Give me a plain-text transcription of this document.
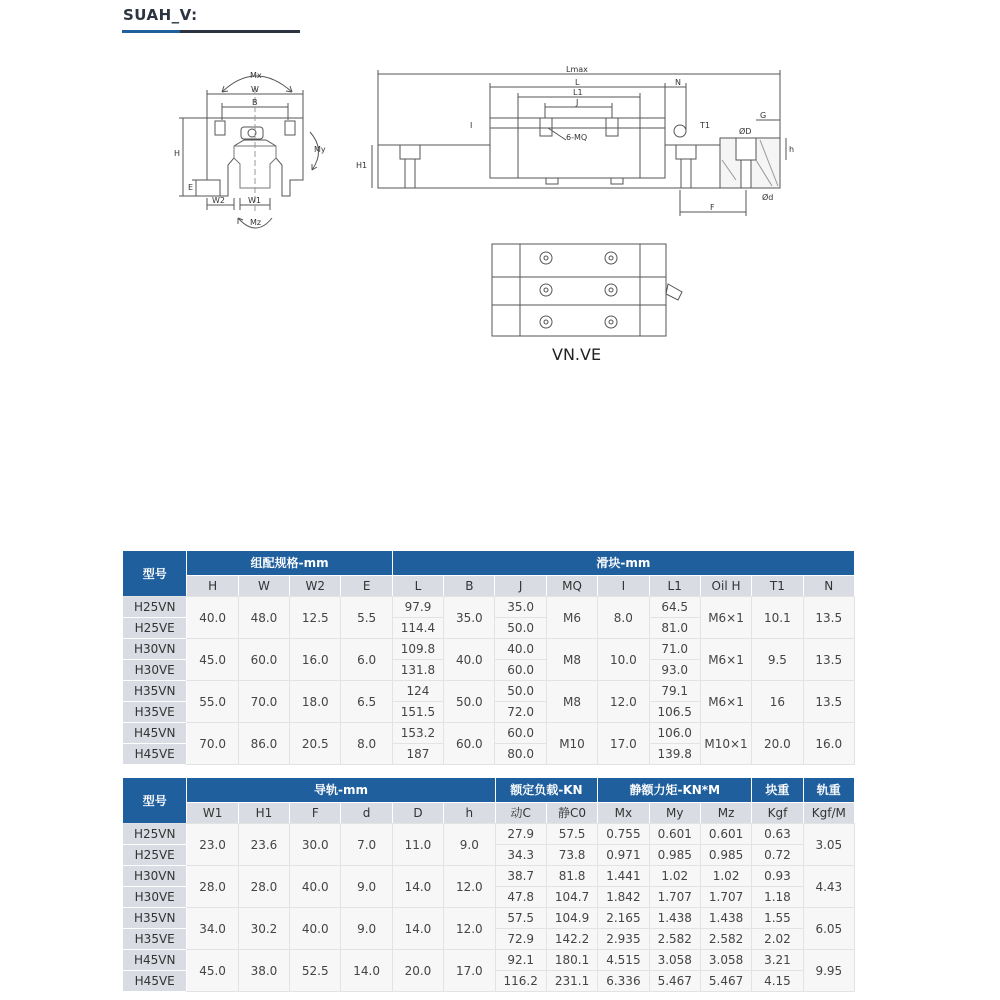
SUAH_V:
Mx
W
B
H
E
W2	W1
My
Mz
Lmax
L
L1
J
N
6-MQ
T1
I
H1
G
ØD
h
F
Ød
VN.VE
型号	组配规格-mm				滑块-mm								
	H	W	W2	E	L	B	J	MQ	I	L1	Oil H	T1	N
H25VN	40.0	48.0	12.5	5.5	97.9	35.0	35.0	M6	8.0	64.5	M6×1	10.1	13.5
H25VE					114.4		50.0			81.0			
H30VN	45.0	60.0	16.0	6.0	109.8	40.0	40.0	M8	10.0	71.0	M6×1	9.5	13.5
H30VE					131.8		60.0			93.0			
H35VN	55.0	70.0	18.0	6.5	124	50.0	50.0	M8	12.0	79.1	M6×1	16	13.5
H35VE					151.5		72.0			106.5			
H45VN	70.0	86.0	20.5	8.0	153.2	60.0	60.0	M10	17.0	106.0	M10×1	20.0	16.0
H45VE					187		80.0			139.8			
型号	导轨-mm						额定负载-KN		静额力矩-KN*M			块重	轨重
	W1	H1	F	d	D	h	动C	静C0	Mx	My	Mz	Kgf	Kgf/M
H25VN	23.0	23.6	30.0	7.0	11.0	9.0	27.9	57.5	0.755	0.601	0.601	0.63	3.05
H25VE							34.3	73.8	0.971	0.985	0.985	0.72	
H30VN	28.0	28.0	40.0	9.0	14.0	12.0	38.7	81.8	1.441	1.02	1.02	0.93	4.43
H30VE							47.8	104.7	1.842	1.707	1.707	1.18	
H35VN	34.0	30.2	40.0	9.0	14.0	12.0	57.5	104.9	2.165	1.438	1.438	1.55	6.05
H35VE							72.9	142.2	2.935	2.582	2.582	2.02	
H45VN	45.0	38.0	52.5	14.0	20.0	17.0	92.1	180.1	4.515	3.058	3.058	3.21	9.95
H45VE							116.2	231.1	6.336	5.467	5.467	4.15	
